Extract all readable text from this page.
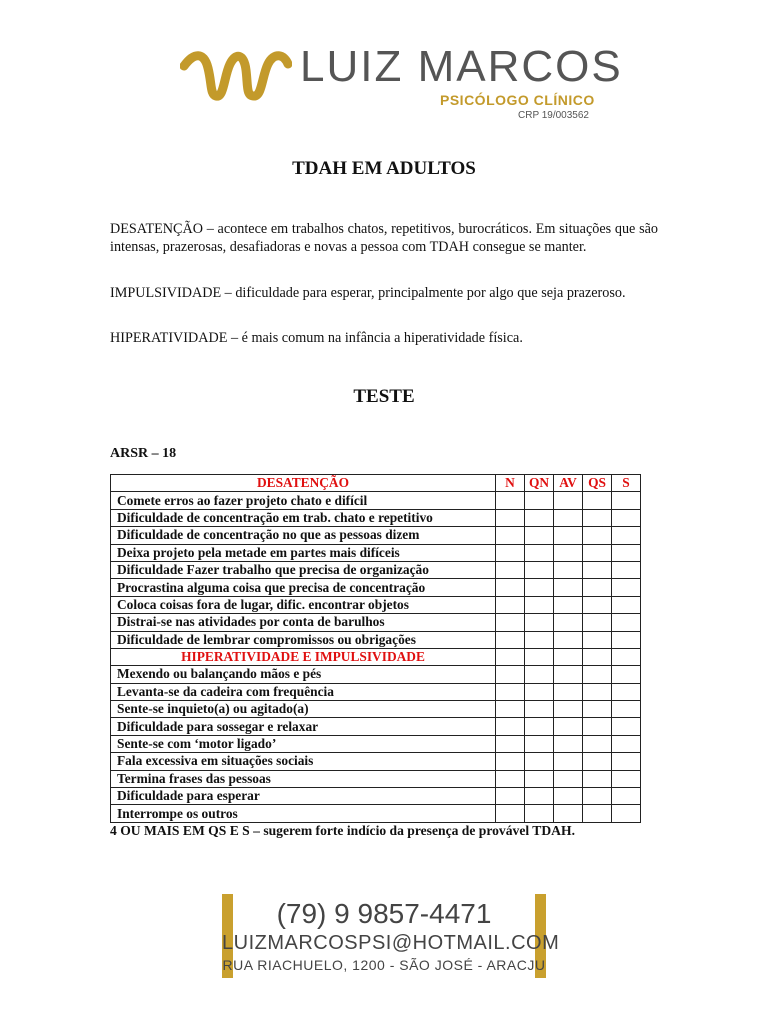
LUIZ MARCOS
PSICÓLOGO CLÍNICO
CRP 19/003562
TDAH EM ADULTOS

DESATENÇÃO – acontece em trabalhos chatos, repetitivos, burocráticos. Em situações que são intensas, prazerosas, desafiadoras e novas a pessoa com TDAH consegue se manter.

IMPULSIVIDADE – dificuldade para esperar, principalmente por algo que seja prazeroso.

HIPERATIVIDADE – é mais comum na infância a hiperatividade física.

TESTE
ARSR – 18
DESATENÇÃO	N	QN	AV	QS	S
Comete erros ao fazer projeto chato e difícil					
Dificuldade de concentração em trab. chato e repetitivo					
Dificuldade de concentração no que as pessoas dizem					
Deixa projeto pela metade em partes mais difíceis					
Dificuldade Fazer trabalho que precisa de organização					
Procrastina alguma coisa que precisa de concentração					
Coloca coisas fora de lugar, dific. encontrar objetos					
Distrai-se nas atividades por conta de barulhos					
Dificuldade de lembrar compromissos ou obrigações					
HIPERATIVIDADE E IMPULSIVIDADE					
Mexendo ou balançando mãos e pés					
Levanta-se da cadeira com frequência					
Sente-se inquieto(a) ou agitado(a)					
Dificuldade para sossegar e relaxar					
Sente-se com ‘motor ligado’					
Fala excessiva em situações sociais					
Termina frases das pessoas					
Dificuldade para esperar					
Interrompe os outros					
4 OU MAIS EM QS E S – sugerem forte indício da presença de provável TDAH.
(79) 9 9857-4471
LUIZMARCOSPSI@HOTMAIL.COM
RUA RIACHUELO, 1200 - SÃO JOSÉ - ARACJU
